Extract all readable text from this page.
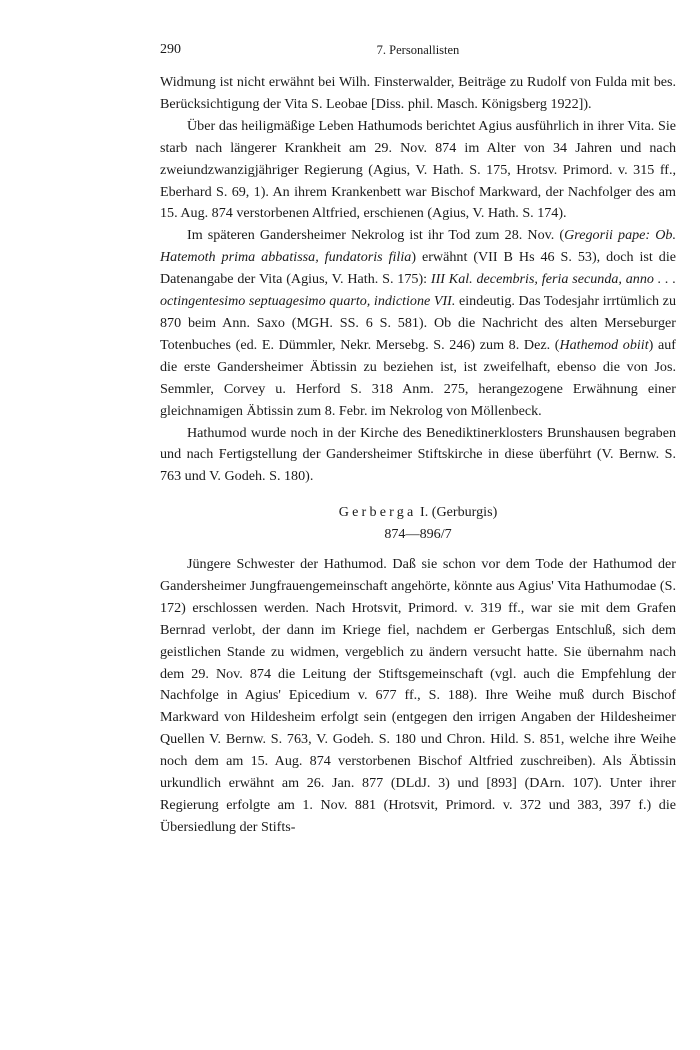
290	7. Personallisten

Widmung ist nicht erwähnt bei Wilh. Finsterwalder, Beiträge zu Rudolf von Fulda mit bes. Berücksichtigung der Vita S. Leobae [Diss. phil. Masch. Königsberg 1922]).

Über das heiligmäßige Leben Hathumods berichtet Agius ausführlich in ihrer Vita. Sie starb nach längerer Krankheit am 29. Nov. 874 im Alter von 34 Jahren und nach zweiundzwanzigjähriger Regierung (Agius, V. Hath. S. 175, Hrotsv. Primord. v. 315 ff., Eberhard S. 69, 1). An ihrem Krankenbett war Bischof Markward, der Nachfolger des am 15. Aug. 874 verstorbenen Altfried, erschienen (Agius, V. Hath. S. 174).

Im späteren Gandersheimer Nekrolog ist ihr Tod zum 28. Nov. (Gregorii pape: Ob. Hatemoth prima abbatissa, fundatoris filia) erwähnt (VII B Hs 46 S. 53), doch ist die Datenangabe der Vita (Agius, V. Hath. S. 175): III Kal. decembris, feria secunda, anno . . . octingentesimo septuagesimo quarto, indictione VII. eindeutig. Das Todesjahr irrtümlich zu 870 beim Ann. Saxo (MGH. SS. 6 S. 581). Ob die Nachricht des alten Merseburger Totenbuches (ed. E. Dümmler, Nekr. Mersebg. S. 246) zum 8. Dez. (Hathemod obiit) auf die erste Gandersheimer Äbtissin zu beziehen ist, ist zweifelhaft, ebenso die von Jos. Semmler, Corvey u. Herford S. 318 Anm. 275, herangezogene Erwähnung einer gleichnamigen Äbtissin zum 8. Febr. im Nekrolog von Möllenbeck.

Hathumod wurde noch in der Kirche des Benediktinerklosters Brunshausen begraben und nach Fertigstellung der Gandersheimer Stiftskirche in diese überführt (V. Bernw. S. 763 und V. Godeh. S. 180).

Gerberga I. (Gerburgis)

874—896/7

Jüngere Schwester der Hathumod. Daß sie schon vor dem Tode der Hathumod der Gandersheimer Jungfrauengemeinschaft angehörte, könnte aus Agius' Vita Hathumodae (S. 172) erschlossen werden. Nach Hrotsvit, Primord. v. 319 ff., war sie mit dem Grafen Bernrad verlobt, der dann im Kriege fiel, nachdem er Gerbergas Entschluß, sich dem geistlichen Stande zu widmen, vergeblich zu ändern versucht hatte. Sie übernahm nach dem 29. Nov. 874 die Leitung der Stiftsgemeinschaft (vgl. auch die Empfehlung der Nachfolge in Agius' Epicedium v. 677 ff., S. 188). Ihre Weihe muß durch Bischof Markward von Hildesheim erfolgt sein (entgegen den irrigen Angaben der Hildesheimer Quellen V. Bernw. S. 763, V. Godeh. S. 180 und Chron. Hild. S. 851, welche ihre Weihe noch dem am 15. Aug. 874 verstorbenen Bischof Altfried zuschreiben). Als Äbtissin urkundlich erwähnt am 26. Jan. 877 (DLdJ. 3) und [893] (DArn. 107). Unter ihrer Regierung erfolgte am 1. Nov. 881 (Hrotsvit, Primord. v. 372 und 383, 397 f.) die Übersiedlung der Stifts-
